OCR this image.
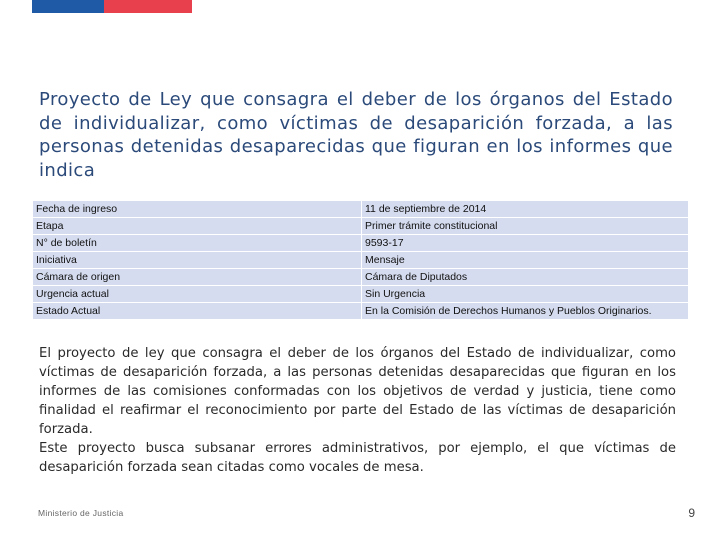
Proyecto de Ley que consagra el deber de los órganos del Estado de individualizar, como víctimas de desaparición forzada, a las personas detenidas desaparecidas que figuran en los informes que indica
Fecha de ingreso	11 de septiembre de 2014
Etapa	Primer trámite constitucional
N° de boletín	9593-17
Iniciativa	Mensaje
Cámara de origen	Cámara de Diputados
Urgencia actual	Sin Urgencia
Estado Actual	En la Comisión de Derechos Humanos y Pueblos Originarios.

El proyecto de ley que consagra el deber de los órganos del Estado de individualizar, como víctimas de desaparición forzada, a las personas detenidas desaparecidas que figuran en los informes de las comisiones conformadas con los objetivos de verdad y justicia, tiene como finalidad el reafirmar el reconocimiento por parte del Estado de las víctimas de desaparición forzada.

Este proyecto busca subsanar errores administrativos, por ejemplo, el que víctimas de desaparición forzada sean citadas como vocales de mesa.

Ministerio de Justicia	9
